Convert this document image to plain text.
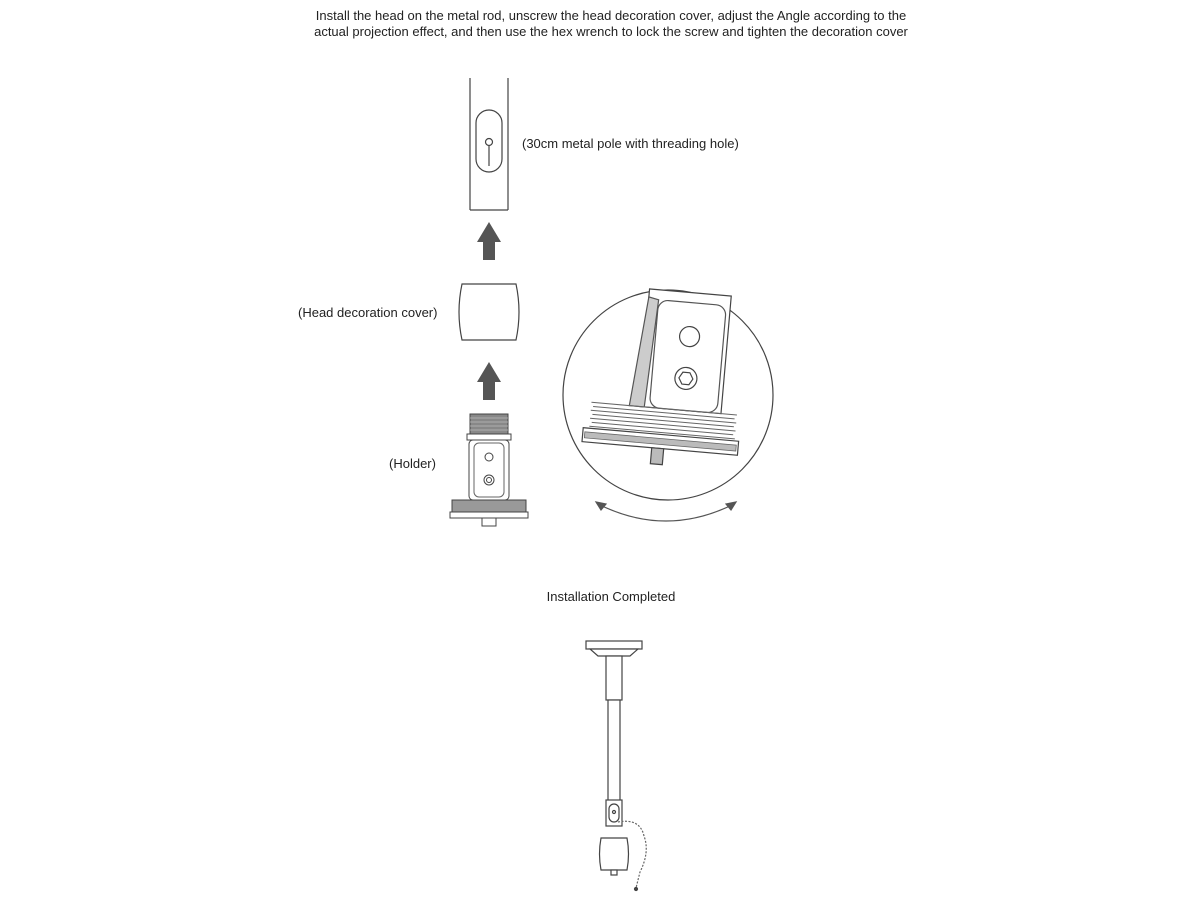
Install the head on the metal rod, unscrew the head decoration cover, adjust the Angle according to the
actual projection effect, and then use the hex wrench to lock the screw and tighten the decoration cover
(30cm metal pole with threading hole)
(Head decoration cover)
(Holder)
Installation Completed
